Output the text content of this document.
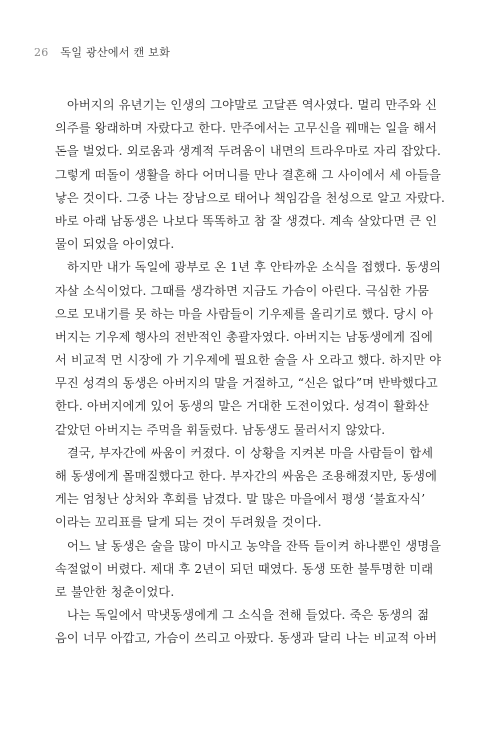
26 독일 광산에서 캔 보화
아버지의 유년기는 인생의 그야말로 고달픈 역사였다. 멀리 만주와 신
의주를 왕래하며 자랐다고 한다. 만주에서는 고무신을 꿰매는 일을 해서
돈을 벌었다. 외로움과 생계적 두려움이 내면의 트라우마로 자리 잡았다.
그렇게 떠돌이 생활을 하다 어머니를 만나 결혼해 그 사이에서 세 아들을
낳은 것이다. 그중 나는 장남으로 태어나 책임감을 천성으로 알고 자랐다.
바로 아래 남동생은 나보다 똑똑하고 참 잘 생겼다. 계속 살았다면 큰 인
물이 되었을 아이였다.
하지만 내가 독일에 광부로 온 1년 후 안타까운 소식을 접했다. 동생의
자살 소식이었다. 그때를 생각하면 지금도 가슴이 아린다. 극심한 가뭄
으로 모내기를 못 하는 마을 사람들이 기우제를 올리기로 했다. 당시 아
버지는 기우제 행사의 전반적인 총괄자였다. 아버지는 남동생에게 집에
서 비교적 먼 시장에 가 기우제에 필요한 술을 사 오라고 했다. 하지만 야
무진 성격의 동생은 아버지의 말을 거절하고, “신은 없다”며 반박했다고
한다. 아버지에게 있어 동생의 말은 거대한 도전이었다. 성격이 활화산
같았던 아버지는 주먹을 휘둘렀다. 남동생도 물러서지 않았다.
결국, 부자간에 싸움이 커졌다. 이 상황을 지켜본 마을 사람들이 합세
해 동생에게 몰매질했다고 한다. 부자간의 싸움은 조용해졌지만, 동생에
게는 엄청난 상처와 후회를 남겼다. 말 많은 마을에서 평생 ‘불효자식’
이라는 꼬리표를 달게 되는 것이 두려웠을 것이다.
어느 날 동생은 술을 많이 마시고 농약을 잔뜩 들이켜 하나뿐인 생명을
속절없이 버렸다. 제대 후 2년이 되던 때였다. 동생 또한 불투명한 미래
로 불안한 청춘이었다.
나는 독일에서 막냇동생에게 그 소식을 전해 들었다. 죽은 동생의 젊
음이 너무 아깝고, 가슴이 쓰리고 아팠다. 동생과 달리 나는 비교적 아버
